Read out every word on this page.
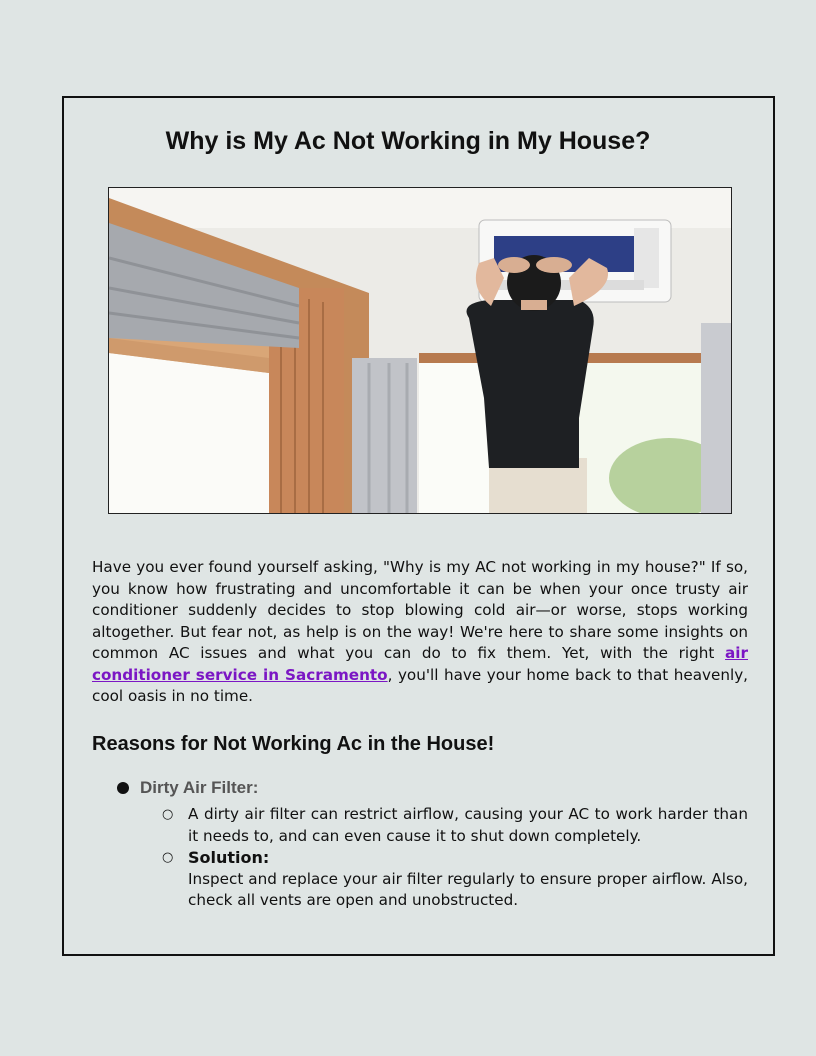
Why is My Ac Not Working in My House?

Have you ever found yourself asking, "Why is my AC not working in my house?" If so, you know how frustrating and uncomfortable it can be when your once trusty air conditioner suddenly decides to stop blowing cold air—or worse, stops working altogether. But fear not, as help is on the way! We're here to share some insights on common AC issues and what you can do to fix them. Yet, with the right air conditioner service in Sacramento, you'll have your home back to that heavenly, cool oasis in no time.

Reasons for Not Working Ac in the House!
Dirty Air Filter:
○ A dirty air filter can restrict airflow, causing your AC to work harder than it needs to, and can even cause it to shut down completely.
○ Solution:
Inspect and replace your air filter regularly to ensure proper airflow. Also, check all vents are open and unobstructed.
